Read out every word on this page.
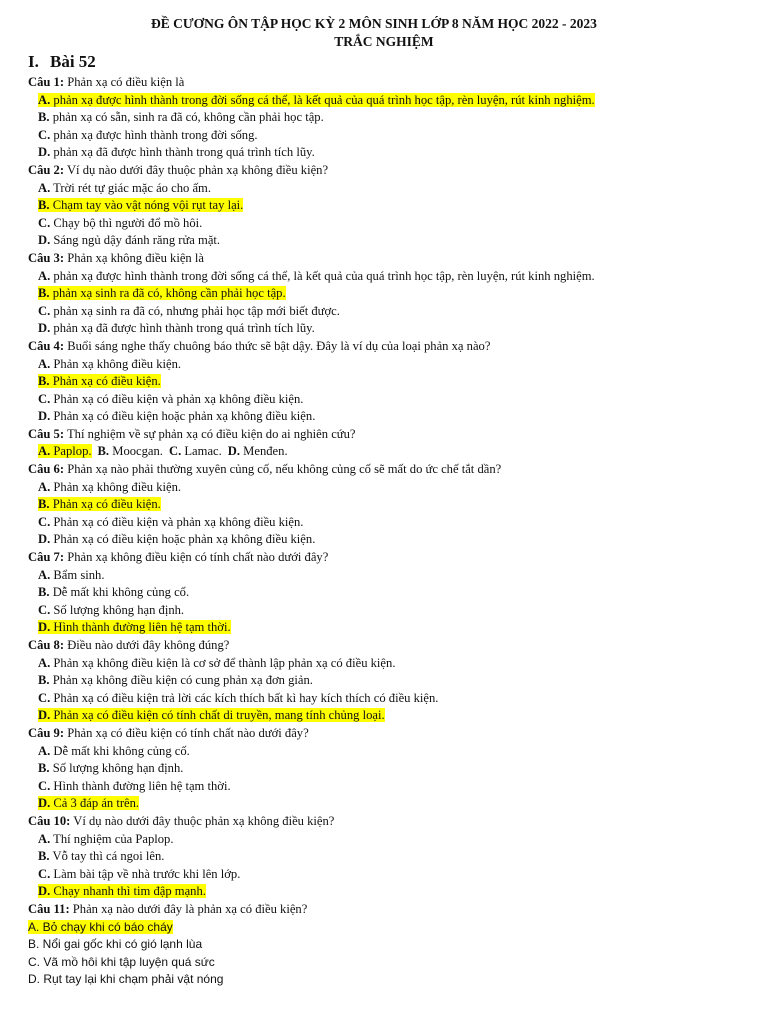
ĐỀ CƯƠNG ÔN TẬP HỌC KỲ 2 MÔN SINH LỚP 8 NĂM HỌC 2022 - 2023
TRẮC NGHIỆM
I. Bài 52
Câu 1: Phản xạ có điều kiện là
A. phản xạ được hình thành trong đời sống cá thể, là kết quả của quá trình học tập, rèn luyện, rút kinh nghiệm.
B. phản xạ có sẵn, sinh ra đã có, không cần phải học tập.
C. phản xạ được hình thành trong đời sống.
D. phản xạ đã được hình thành trong quá trình tích lũy.
Câu 2: Ví dụ nào dưới đây thuộc phản xạ không điều kiện?
A. Trời rét tự giác mặc áo cho ấm.
B. Chạm tay vào vật nóng vội rụt tay lại.
C. Chạy bộ thì người đổ mồ hôi.
D. Sáng ngủ dậy đánh răng rửa mặt.
Câu 3: Phản xạ không điều kiện là
A. phản xạ được hình thành trong đời sống cá thể, là kết quả của quá trình học tập, rèn luyện, rút kinh nghiệm.
B. phản xạ sinh ra đã có, không cần phải học tập.
C. phản xạ sinh ra đã có, nhưng phải học tập mới biết được.
D. phản xạ đã được hình thành trong quá trình tích lũy.
Câu 4: Buổi sáng nghe thấy chuông báo thức sẽ bật dậy. Đây là ví dụ của loại phản xạ nào?
A. Phản xạ không điều kiện.
B. Phản xạ có điều kiện.
C. Phản xạ có điều kiện và phản xạ không điều kiện.
D. Phản xạ có điều kiện hoặc phản xạ không điều kiện.
Câu 5: Thí nghiệm về sự phản xạ có điều kiện do ai nghiên cứu?
A. Paplop. B. Moocgan. C. Lamac. D. Menđen.
Câu 6: Phản xạ nào phải thường xuyên củng cố, nếu không củng cố sẽ mất do ức chế tắt dần?
A. Phản xạ không điều kiện.
B. Phản xạ có điều kiện.
C. Phản xạ có điều kiện và phản xạ không điều kiện.
D. Phản xạ có điều kiện hoặc phản xạ không điều kiện.
Câu 7: Phản xạ không điều kiện có tính chất nào dưới đây?
A. Bẩm sinh.
B. Dễ mất khi không củng cố.
C. Số lượng không hạn định.
D. Hình thành đường liên hệ tạm thời.
Câu 8: Điều nào dưới đây không đúng?
A. Phản xạ không điều kiện là cơ sở để thành lập phản xạ có điều kiện.
B. Phản xạ không điều kiện có cung phản xạ đơn giản.
C. Phản xạ có điều kiện trả lời các kích thích bất kì hay kích thích có điều kiện.
D. Phản xạ có điều kiện có tính chất di truyền, mang tính chủng loại.
Câu 9: Phản xạ có điều kiện có tính chất nào dưới đây?
A. Dễ mất khi không củng cố.
B. Số lượng không hạn định.
C. Hình thành đường liên hệ tạm thời.
D. Cả 3 đáp án trên.
Câu 10: Ví dụ nào dưới đây thuộc phản xạ không điều kiện?
A. Thí nghiệm của Paplop.
B. Vỗ tay thì cá ngoi lên.
C. Làm bài tập về nhà trước khi lên lớp.
D. Chạy nhanh thì tim đập mạnh.
Câu 11: Phản xạ nào dưới đây là phản xạ có điều kiện?
A. Bỏ chạy khi có báo cháy
B. Nổi gai gốc khi có gió lạnh lùa
C. Vã mồ hôi khi tập luyện quá sức
D. Rụt tay lại khi chạm phải vật nóng
